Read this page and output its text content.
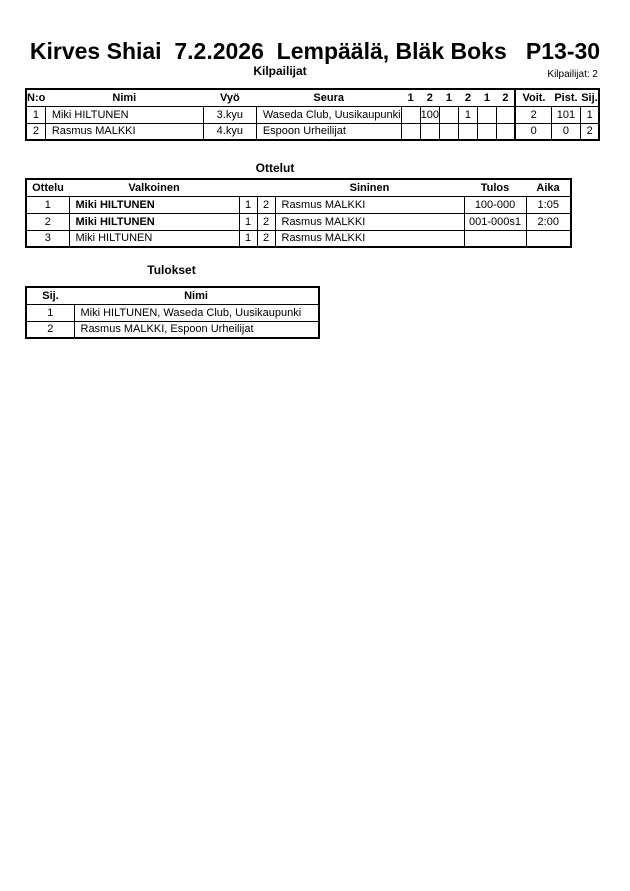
Kirves Shiai  7.2.2026  Lempäälä, Bläk Boks   P13-30
Kilpailijat	Kilpailijat: 2
N:o	Nimi	Vyö	Seura	1	2	1	2	1	2	Voit.	Pist.	Sij.
1	Miki HILTUNEN	3.kyu	Waseda Club, Uusikaupunki		100		1			2	101	1
2	Rasmus MALKKI	4.kyu	Espoon Urheilijat							0	0	2
Ottelut
Ottelu	Valkoinen			Sininen	Tulos	Aika
1	Miki HILTUNEN	1	2	Rasmus MALKKI	100-000	1:05
2	Miki HILTUNEN	1	2	Rasmus MALKKI	001-000s1	2:00
3	Miki HILTUNEN	1	2	Rasmus MALKKI		
Tulokset
Sij.	Nimi
1	Miki HILTUNEN, Waseda Club, Uusikaupunki
2	Rasmus MALKKI, Espoon Urheilijat
